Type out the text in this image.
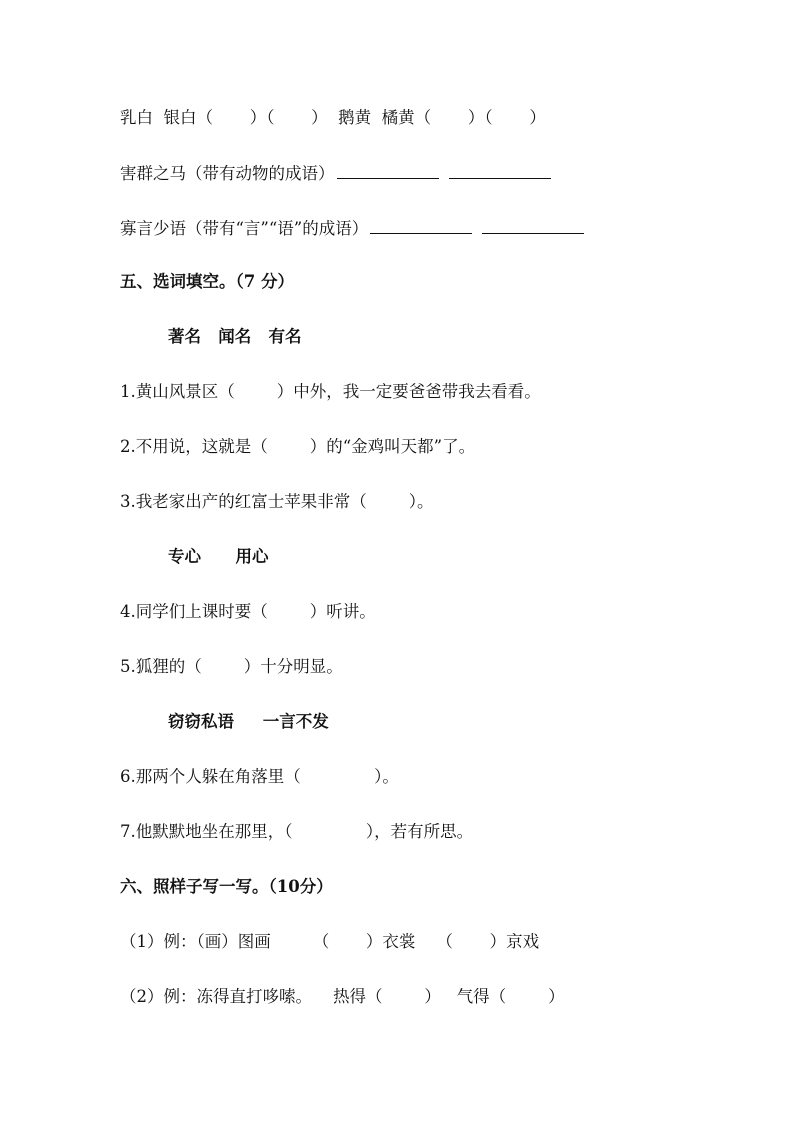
乳白  银白（       ）（       ）  鹅黄  橘黄（       ）（       ）
害群之马（带有动物的成语）
寡言少语（带有“言”“语”的成语）
五、选词填空。（7 分）
著名   闻名   有名
1.黄山风景区（        ）中外，我一定要爸爸带我去看看。
2.不用说，这就是（        ）的“金鸡叫天都”了。
3.我老家出产的红富士苹果非常（        ）。
专心      用心
4.同学们上课时要（        ）听讲。
5.狐狸的（        ）十分明显。
窃窃私语     一言不发
6.那两个人躲在角落里（              ）。
7.他默默地坐在那里，（              ），若有所思。
六、照样子写一写。（10分）
（1）例：（画）图画        （       ）衣裳    （       ）京戏
（2）例：冻得直打哆嗦。    热得（        ）   气得（        ）
